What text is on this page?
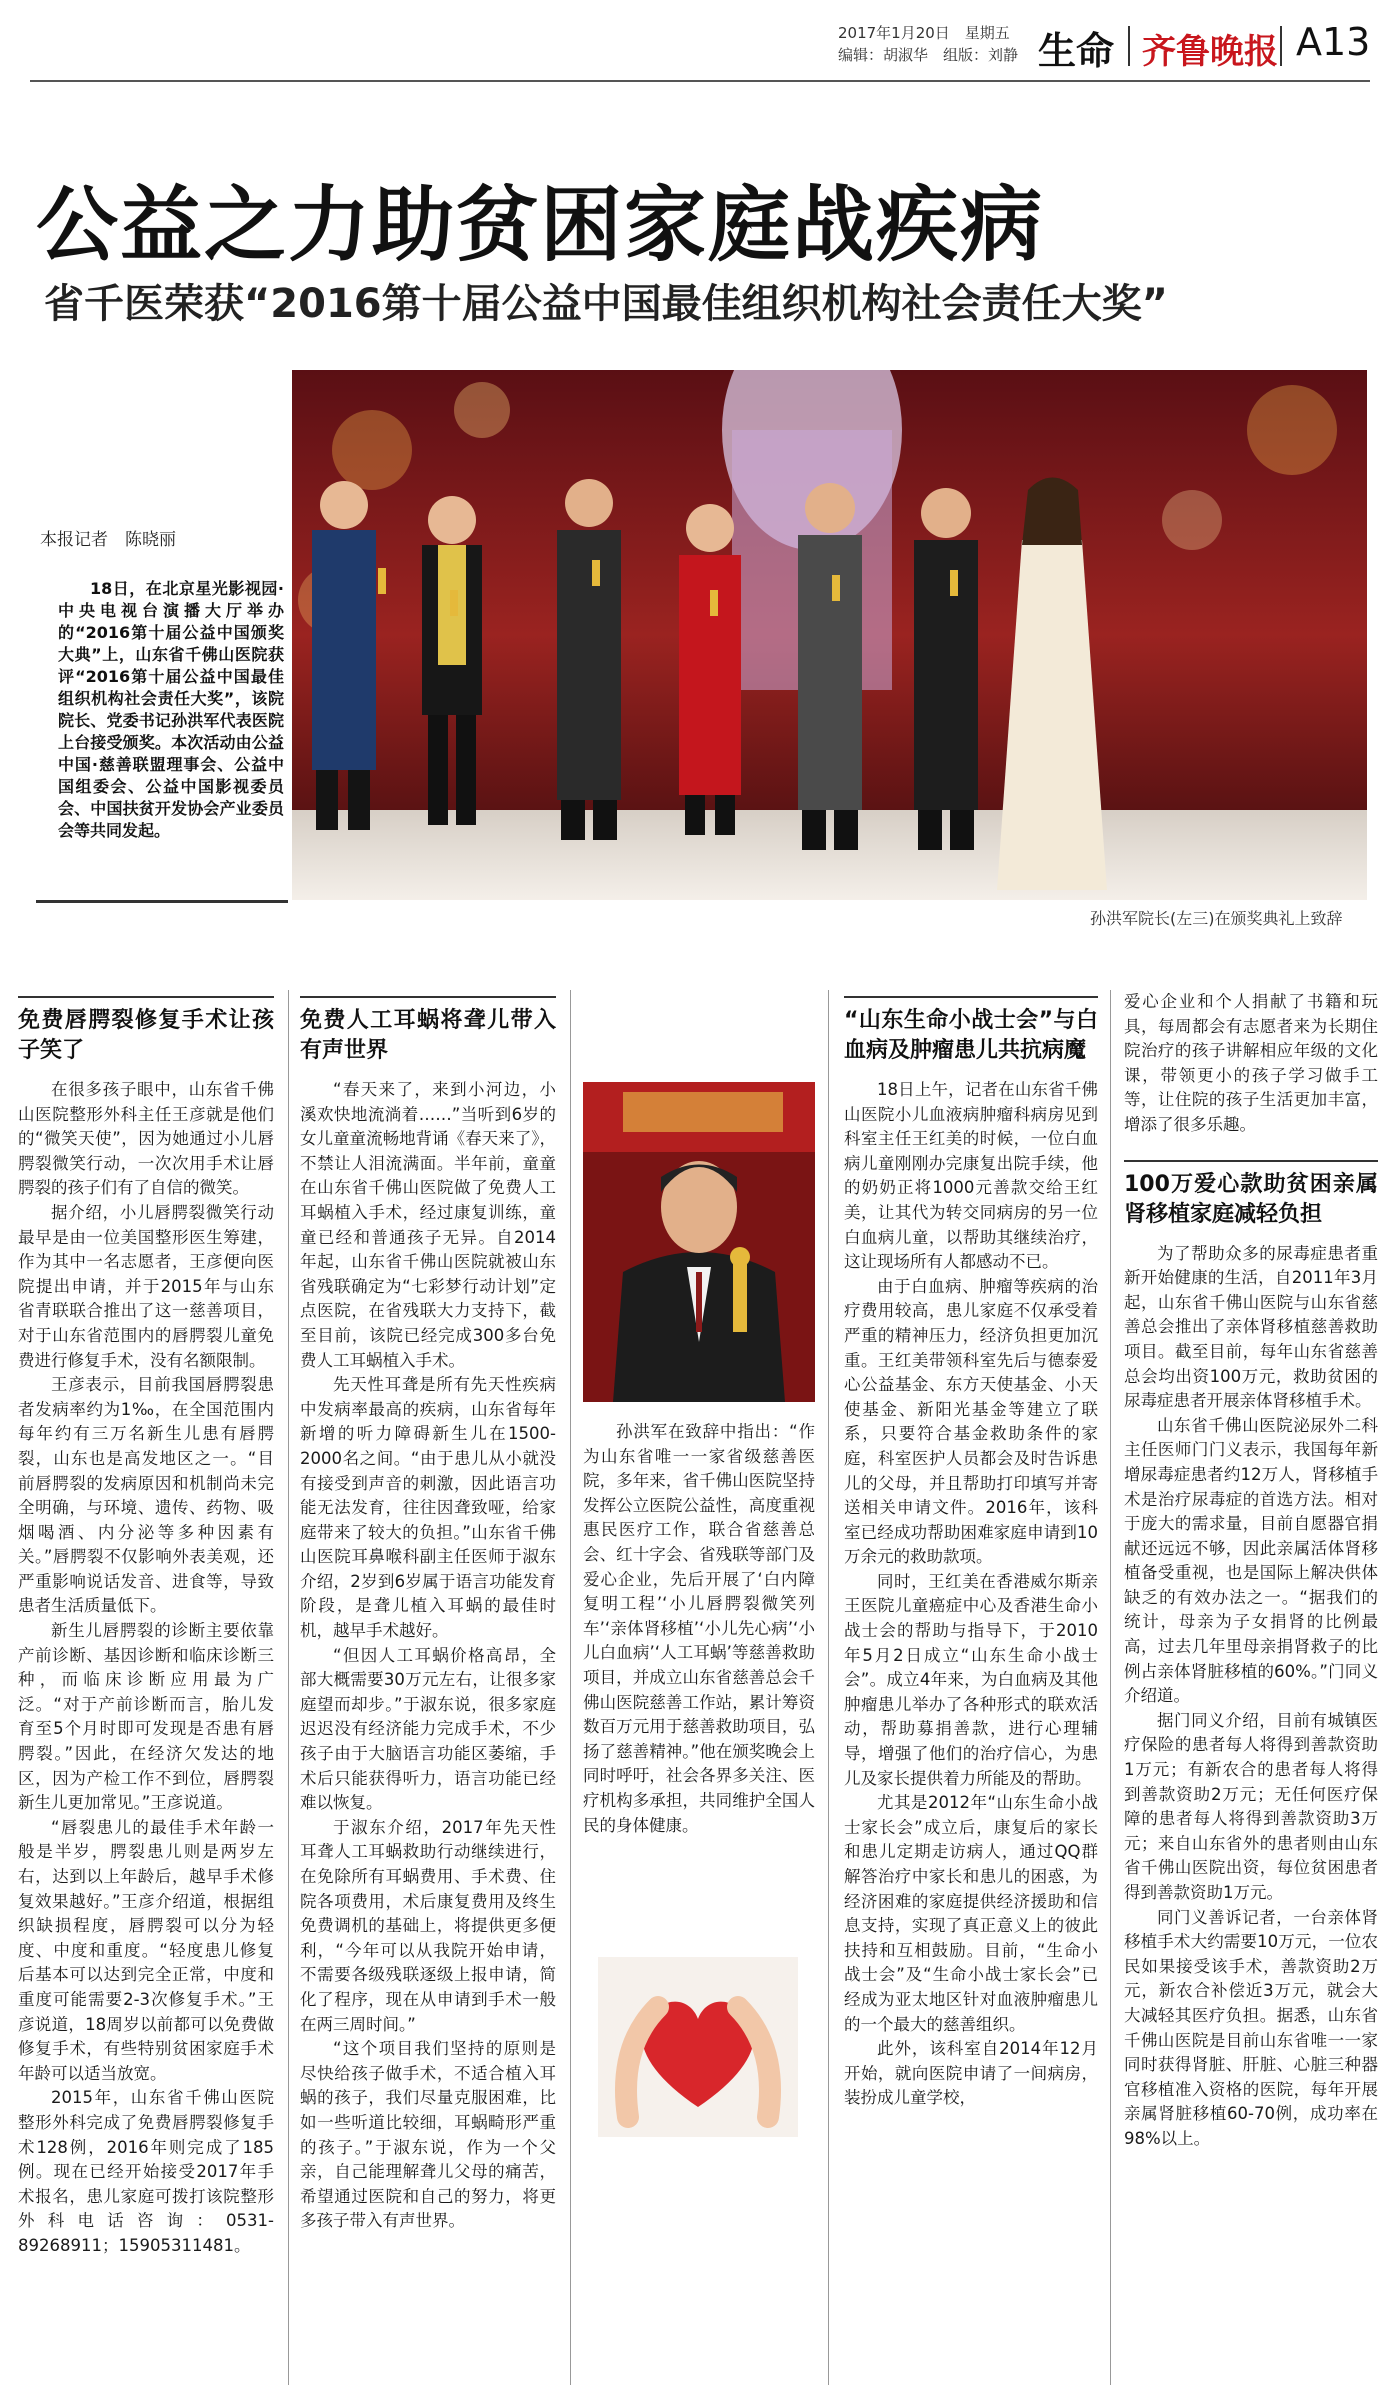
2017年1月20日　星期五
编辑：胡淑华　组版：刘静 生命 齐鲁晚报 A13
公益之力助贫困家庭战疾病
省千医荣获“2016第十届公益中国最佳组织机构社会责任大奖”
本报记者　陈晓丽
18日，在北京星光影视园·中央电视台演播大厅举办的“2016第十届公益中国颁奖大典”上，山东省千佛山医院获评“2016第十届公益中国最佳组织机构社会责任大奖”，该院院长、党委书记孙洪军代表医院上台接受颁奖。本次活动由公益中国·慈善联盟理事会、公益中国组委会、公益中国影视委员会、中国扶贫开发协会产业委员会等共同发起。
孙洪军院长(左三)在颁奖典礼上致辞
免费唇腭裂修复手术让孩子笑了

在很多孩子眼中，山东省千佛山医院整形外科主任王彦就是他们的“微笑天使”，因为她通过小儿唇腭裂微笑行动，一次次用手术让唇腭裂的孩子们有了自信的微笑。

据介绍，小儿唇腭裂微笑行动最早是由一位美国整形医生筹建，作为其中一名志愿者，王彦便向医院提出申请，并于2015年与山东省青联联合推出了这一慈善项目，对于山东省范围内的唇腭裂儿童免费进行修复手术，没有名额限制。

王彦表示，目前我国唇腭裂患者发病率约为1‰，在全国范围内每年约有三万名新生儿患有唇腭裂，山东也是高发地区之一。“目前唇腭裂的发病原因和机制尚未完全明确，与环境、遗传、药物、吸烟喝酒、内分泌等多种因素有关。”唇腭裂不仅影响外表美观，还严重影响说话发音、进食等，导致患者生活质量低下。

新生儿唇腭裂的诊断主要依靠产前诊断、基因诊断和临床诊断三种，而临床诊断应用最为广泛。“对于产前诊断而言，胎儿发育至5个月时即可发现是否患有唇腭裂。”因此，在经济欠发达的地区，因为产检工作不到位，唇腭裂新生儿更加常见。”王彦说道。

“唇裂患儿的最佳手术年龄一般是半岁，腭裂患儿则是两岁左右，达到以上年龄后，越早手术修复效果越好。”王彦介绍道，根据组织缺损程度，唇腭裂可以分为轻度、中度和重度。“轻度患儿修复后基本可以达到完全正常，中度和重度可能需要2-3次修复手术。”王彦说道，18周岁以前都可以免费做修复手术，有些特别贫困家庭手术年龄可以适当放宽。

2015年，山东省千佛山医院整形外科完成了免费唇腭裂修复手术128例，2016年则完成了185例。现在已经开始接受2017年手术报名，患儿家庭可拨打该院整形外科电话咨询：0531-89268911；15905311481。

免费人工耳蜗将聋儿带入有声世界

“春天来了，来到小河边，小溪欢快地流淌着……”当听到6岁的女儿童童流畅地背诵《春天来了》，不禁让人泪流满面。半年前，童童在山东省千佛山医院做了免费人工耳蜗植入手术，经过康复训练，童童已经和普通孩子无异。自2014年起，山东省千佛山医院就被山东省残联确定为“七彩梦行动计划”定点医院，在省残联大力支持下，截至目前，该院已经完成300多台免费人工耳蜗植入手术。

先天性耳聋是所有先天性疾病中发病率最高的疾病，山东省每年新增的听力障碍新生儿在1500-2000名之间。“由于患儿从小就没有接受到声音的刺激，因此语言功能无法发育，往往因聋致哑，给家庭带来了较大的负担。”山东省千佛山医院耳鼻喉科副主任医师于淑东介绍，2岁到6岁属于语言功能发育阶段，是聋儿植入耳蜗的最佳时机，越早手术越好。

“但因人工耳蜗价格高昂，全部大概需要30万元左右，让很多家庭望而却步。”于淑东说，很多家庭迟迟没有经济能力完成手术，不少孩子由于大脑语言功能区萎缩，手术后只能获得听力，语言功能已经难以恢复。

于淑东介绍，2017年先天性耳聋人工耳蜗救助行动继续进行，在免除所有耳蜗费用、手术费、住院各项费用，术后康复费用及终生免费调机的基础上，将提供更多便利，“今年可以从我院开始申请，不需要各级残联逐级上报申请，简化了程序，现在从申请到手术一般在两三周时间。”

“这个项目我们坚持的原则是尽快给孩子做手术，不适合植入耳蜗的孩子，我们尽量克服困难，比如一些听道比较细，耳蜗畸形严重的孩子。”于淑东说，作为一个父亲，自己能理解聋儿父母的痛苦，希望通过医院和自己的努力，将更多孩子带入有声世界。

孙洪军在致辞中指出：“作为山东省唯一一家省级慈善医院，多年来，省千佛山医院坚持发挥公立医院公益性，高度重视惠民医疗工作，联合省慈善总会、红十字会、省残联等部门及爱心企业，先后开展了‘白内障复明工程’‘小儿唇腭裂微笑列车’‘亲体肾移植’‘小儿先心病’‘小儿白血病’‘人工耳蜗’等慈善救助项目，并成立山东省慈善总会千佛山医院慈善工作站，累计筹资数百万元用于慈善救助项目，弘扬了慈善精神。”他在颁奖晚会上同时呼吁，社会各界多关注、医疗机构多承担，共同维护全国人民的身体健康。

“山东生命小战士会”与白血病及肿瘤患儿共抗病魔

18日上午，记者在山东省千佛山医院小儿血液病肿瘤科病房见到科室主任王红美的时候，一位白血病儿童刚刚办完康复出院手续，他的奶奶正将1000元善款交给王红美，让其代为转交同病房的另一位白血病儿童，以帮助其继续治疗，这让现场所有人都感动不已。

由于白血病、肿瘤等疾病的治疗费用较高，患儿家庭不仅承受着严重的精神压力，经济负担更加沉重。王红美带领科室先后与德泰爱心公益基金、东方天使基金、小天使基金、新阳光基金等建立了联系，只要符合基金救助条件的家庭，科室医护人员都会及时告诉患儿的父母，并且帮助打印填写并寄送相关申请文件。2016年，该科室已经成功帮助困难家庭申请到10万余元的救助款项。

同时，王红美在香港威尔斯亲王医院儿童癌症中心及香港生命小战士会的帮助与指导下，于2010年5月2日成立“山东生命小战士会”。成立4年来，为白血病及其他肿瘤患儿举办了各种形式的联欢活动，帮助募捐善款，进行心理辅导，增强了他们的治疗信心，为患儿及家长提供着力所能及的帮助。

尤其是2012年“山东生命小战士家长会”成立后，康复后的家长和患儿定期走访病人，通过QQ群解答治疗中家长和患儿的困惑，为经济困难的家庭提供经济援助和信息支持，实现了真正意义上的彼此扶持和互相鼓励。目前，“生命小战士会”及“生命小战士家长会”已经成为亚太地区针对血液肿瘤患儿的一个最大的慈善组织。

此外，该科室自2014年12月开始，就向医院申请了一间病房，装扮成儿童学校，

爱心企业和个人捐献了书籍和玩具，每周都会有志愿者来为长期住院治疗的孩子讲解相应年级的文化课，带领更小的孩子学习做手工等，让住院的孩子生活更加丰富，增添了很多乐趣。

100万爱心款助贫困亲属肾移植家庭减轻负担

为了帮助众多的尿毒症患者重新开始健康的生活，自2011年3月起，山东省千佛山医院与山东省慈善总会推出了亲体肾移植慈善救助项目。截至目前，每年山东省慈善总会均出资100万元，救助贫困的尿毒症患者开展亲体肾移植手术。

山东省千佛山医院泌尿外二科主任医师门门义表示，我国每年新增尿毒症患者约12万人，肾移植手术是治疗尿毒症的首选方法。相对于庞大的需求量，目前自愿器官捐献还远远不够，因此亲属活体肾移植备受重视，也是国际上解决供体缺乏的有效办法之一。“据我们的统计，母亲为子女捐肾的比例最高，过去几年里母亲捐肾救子的比例占亲体肾脏移植的60%。”门同义介绍道。

据门同义介绍，目前有城镇医疗保险的患者每人将得到善款资助1万元；有新农合的患者每人将得到善款资助2万元；无任何医疗保障的患者每人将得到善款资助3万元；来自山东省外的患者则由山东省千佛山医院出资，每位贫困患者得到善款资助1万元。

同门义善诉记者，一台亲体肾移植手术大约需要10万元，一位农民如果接受该手术，善款资助2万元，新农合补偿近3万元，就会大大减轻其医疗负担。据悉，山东省千佛山医院是目前山东省唯一一家同时获得肾脏、肝脏、心脏三种器官移植准入资格的医院，每年开展亲属肾脏移植60-70例，成功率在98%以上。
